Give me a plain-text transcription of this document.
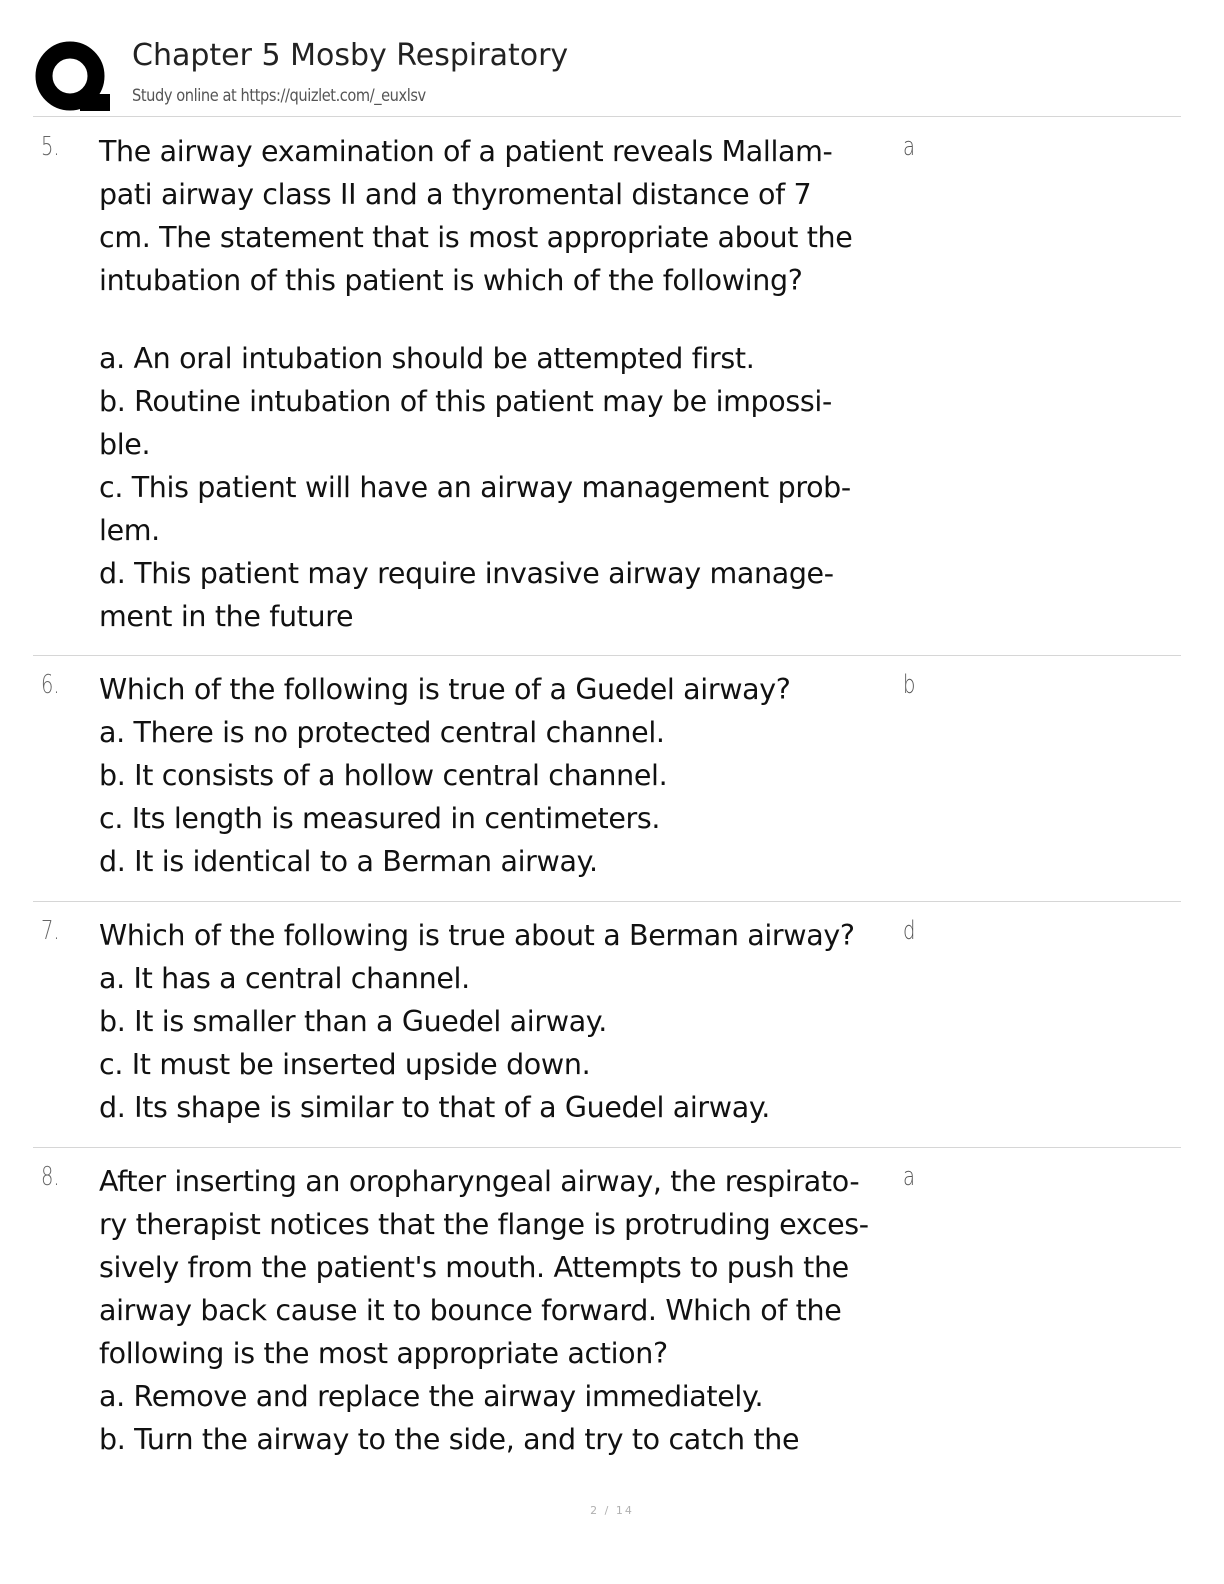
Chapter 5 Mosby Respiratory
Study online at https://quizlet.com/_euxlsv
5. The airway examination of a patient reveals Mallam-
pati airway class II and a thyromental distance of 7
cm. The statement that is most appropriate about the
intubation of this patient is which of the following?
a. An oral intubation should be attempted first.
b. Routine intubation of this patient may be impossi-
ble.
c. This patient will have an airway management prob-
lem.
d. This patient may require invasive airway manage-
ment in the future
a
6. Which of the following is true of a Guedel airway?
a. There is no protected central channel.
b. It consists of a hollow central channel.
c. Its length is measured in centimeters.
d. It is identical to a Berman airway.
b
7. Which of the following is true about a Berman airway?
a. It has a central channel.
b. It is smaller than a Guedel airway.
c. It must be inserted upside down.
d. Its shape is similar to that of a Guedel airway.
d
8. After inserting an oropharyngeal airway, the respirato-
ry therapist notices that the flange is protruding exces-
sively from the patient's mouth. Attempts to push the
airway back cause it to bounce forward. Which of the
following is the most appropriate action?
a. Remove and replace the airway immediately.
b. Turn the airway to the side, and try to catch the
a
2 / 14
